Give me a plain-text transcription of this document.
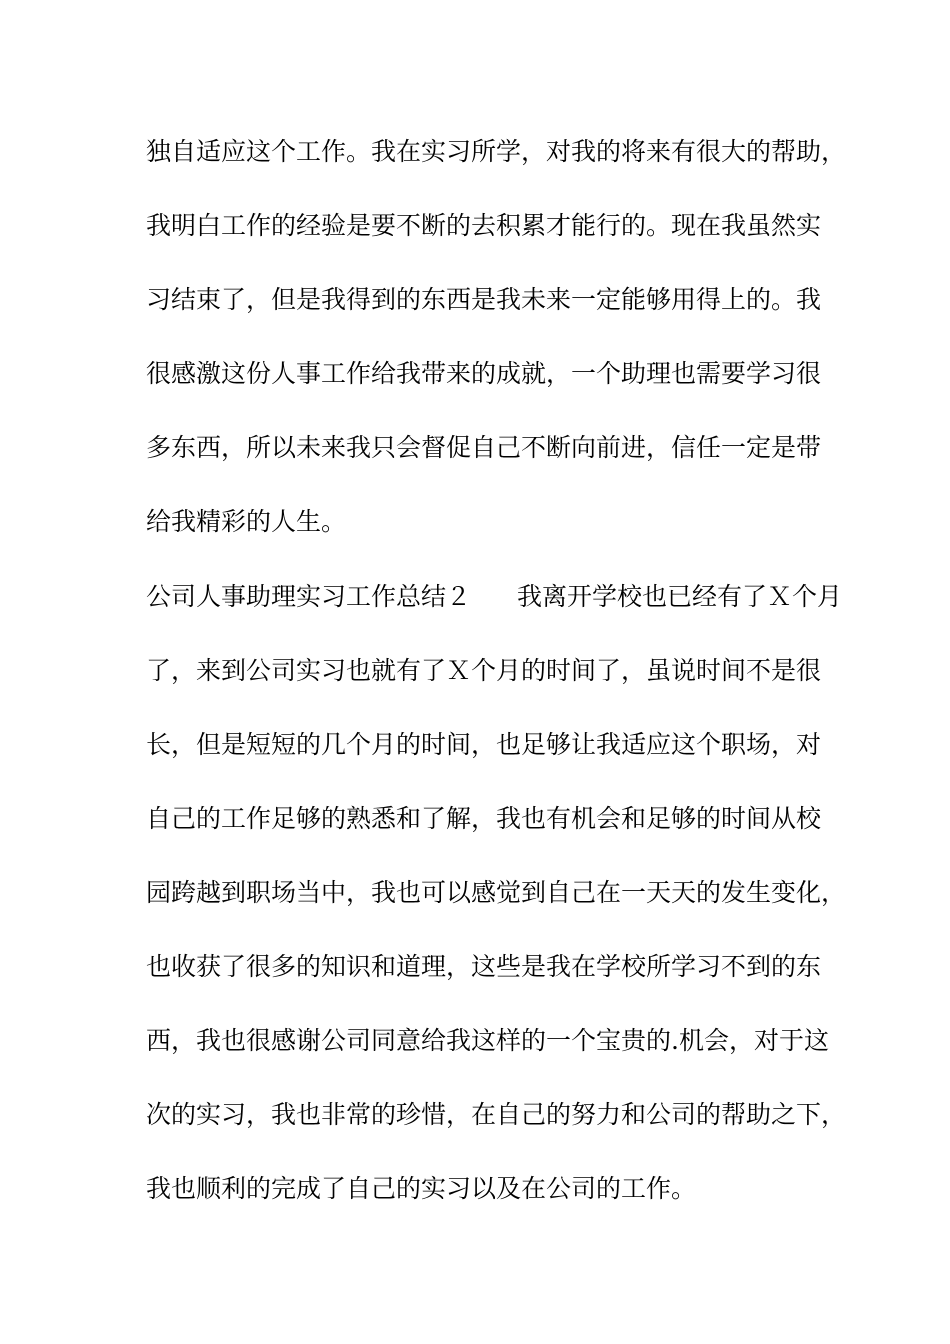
独自适应这个工作。我在实习所学，对我的将来有很大的帮助，
我明白工作的经验是要不断的去积累才能行的。现在我虽然实
习结束了，但是我得到的东西是我未来一定能够用得上的。我
很感激这份人事工作给我带来的成就，一个助理也需要学习很
多东西，所以未来我只会督促自己不断向前进，信任一定是带
给我精彩的人生。
公司人事助理实习工作总结２ 我离开学校也已经有了Ｘ个月
了，来到公司实习也就有了Ｘ个月的时间了，虽说时间不是很
长，但是短短的几个月的时间，也足够让我适应这个职场，对
自己的工作足够的熟悉和了解，我也有机会和足够的时间从校
园跨越到职场当中，我也可以感觉到自己在一天天的发生变化，
也收获了很多的知识和道理，这些是我在学校所学习不到的东
西，我也很感谢公司同意给我这样的一个宝贵的.机会，对于这
次的实习，我也非常的珍惜，在自己的努力和公司的帮助之下，
我也顺利的完成了自己的实习以及在公司的工作。
